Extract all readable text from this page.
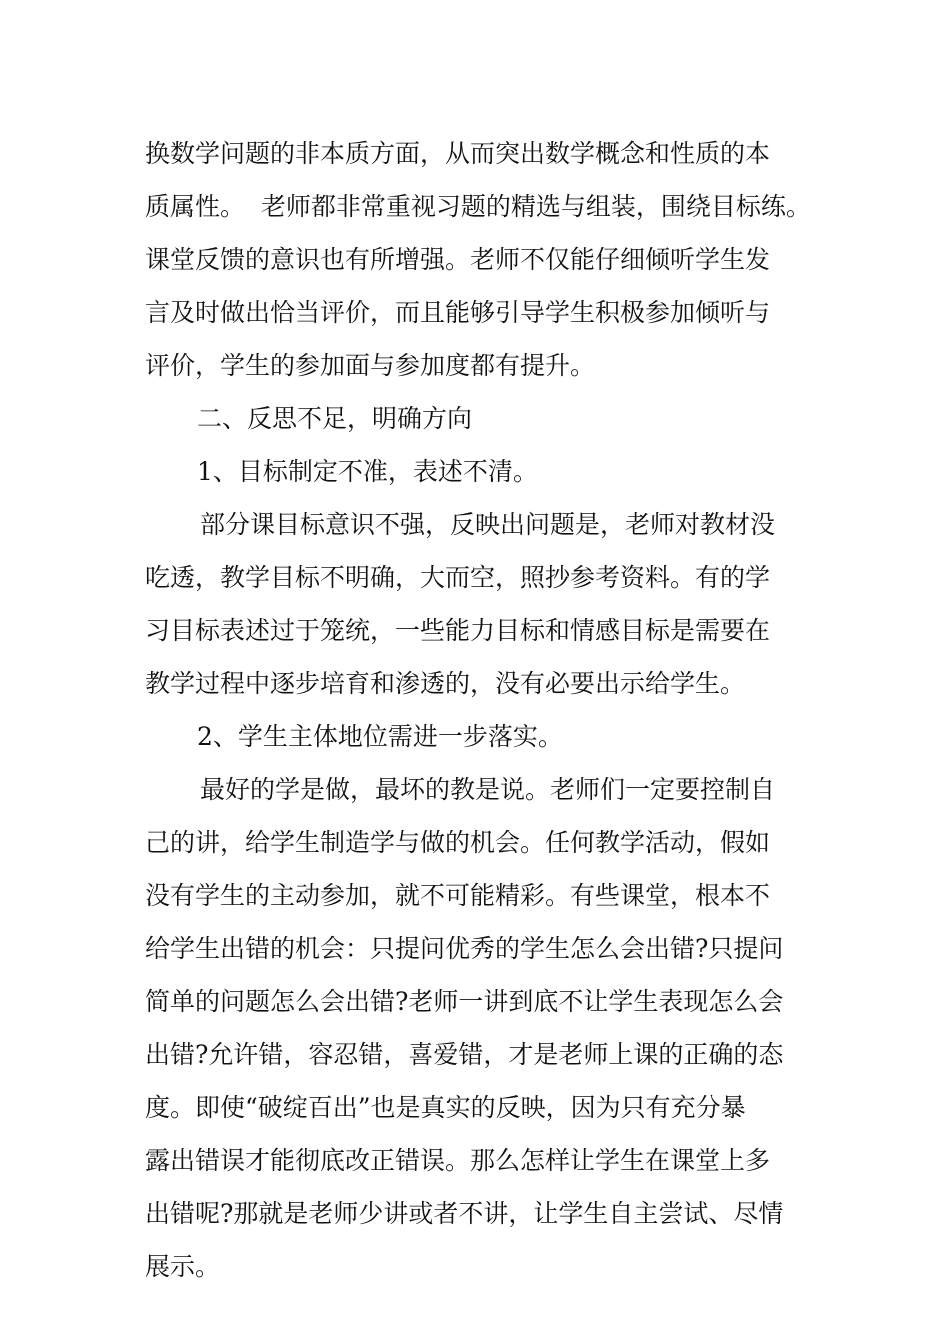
换数学问题的非本质方面，从而突出数学概念和性质的本
质属性。  老师都非常重视习题的精选与组装，围绕目标练。
课堂反馈的意识也有所增强。老师不仅能仔细倾听学生发
言及时做出恰当评价，而且能够引导学生积极参加倾听与
评价，学生的参加面与参加度都有提升。
二、反思不足，明确方向
1、目标制定不准，表述不清。
部分课目标意识不强，反映出问题是，老师对教材没
吃透，教学目标不明确，大而空，照抄参考资料。有的学
习目标表述过于笼统，一些能力目标和情感目标是需要在
教学过程中逐步培育和渗透的，没有必要出示给学生。
2、学生主体地位需进一步落实。
最好的学是做，最坏的教是说。老师们一定要控制自
己的讲，给学生制造学与做的机会。任何教学活动，假如
没有学生的主动参加，就不可能精彩。有些课堂，根本不
给学生出错的机会：只提问优秀的学生怎么会出错?只提问
简单的问题怎么会出错?老师一讲到底不让学生表现怎么会
出错?允许错，容忍错，喜爱错，才是老师上课的正确的态
度。即使“破绽百出”也是真实的反映，因为只有充分暴
露出错误才能彻底改正错误。那么怎样让学生在课堂上多
出错呢?那就是老师少讲或者不讲，让学生自主尝试、尽情
展示。
